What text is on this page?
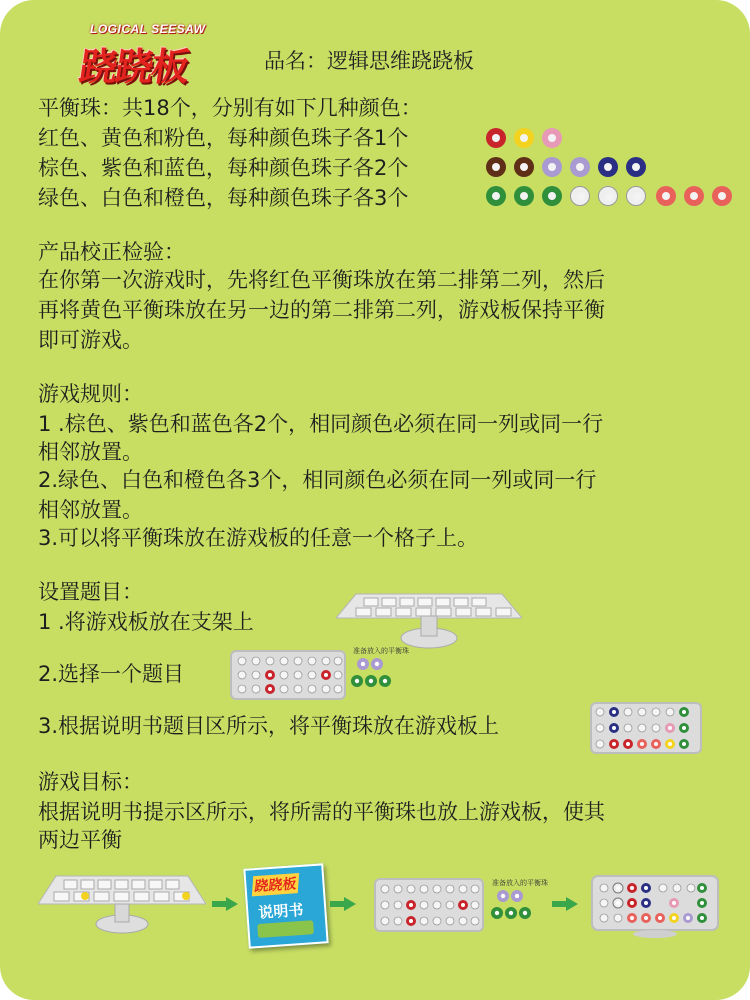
LOGICAL SEESAW
跷跷板	品名：逻辑思维跷跷板
平衡珠：共18个，分别有如下几种颜色：
红色、黄色和粉色，每种颜色珠子各1个
棕色、紫色和蓝色，每种颜色珠子各2个
绿色、白色和橙色，每种颜色珠子各3个
产品校正检验：
在你第一次游戏时，先将红色平衡珠放在第二排第二列，然后
再将黄色平衡珠放在另一边的第二排第二列，游戏板保持平衡
即可游戏。
游戏规则：
1 .棕色、紫色和蓝色各2个，相同颜色必须在同一列或同一行
相邻放置。
2.绿色、白色和橙色各3个，相同颜色必须在同一列或同一行
相邻放置。
3.可以将平衡珠放在游戏板的任意一个格子上。
设置题目：
1 .将游戏板放在支架上
2.选择一个题目
3.根据说明书题目区所示，将平衡珠放在游戏板上
准备放入的平衡珠
游戏目标：
根据说明书提示区所示，将所需的平衡珠也放上游戏板，使其
两边平衡
跷跷板
说明书
准备放入的平衡珠
